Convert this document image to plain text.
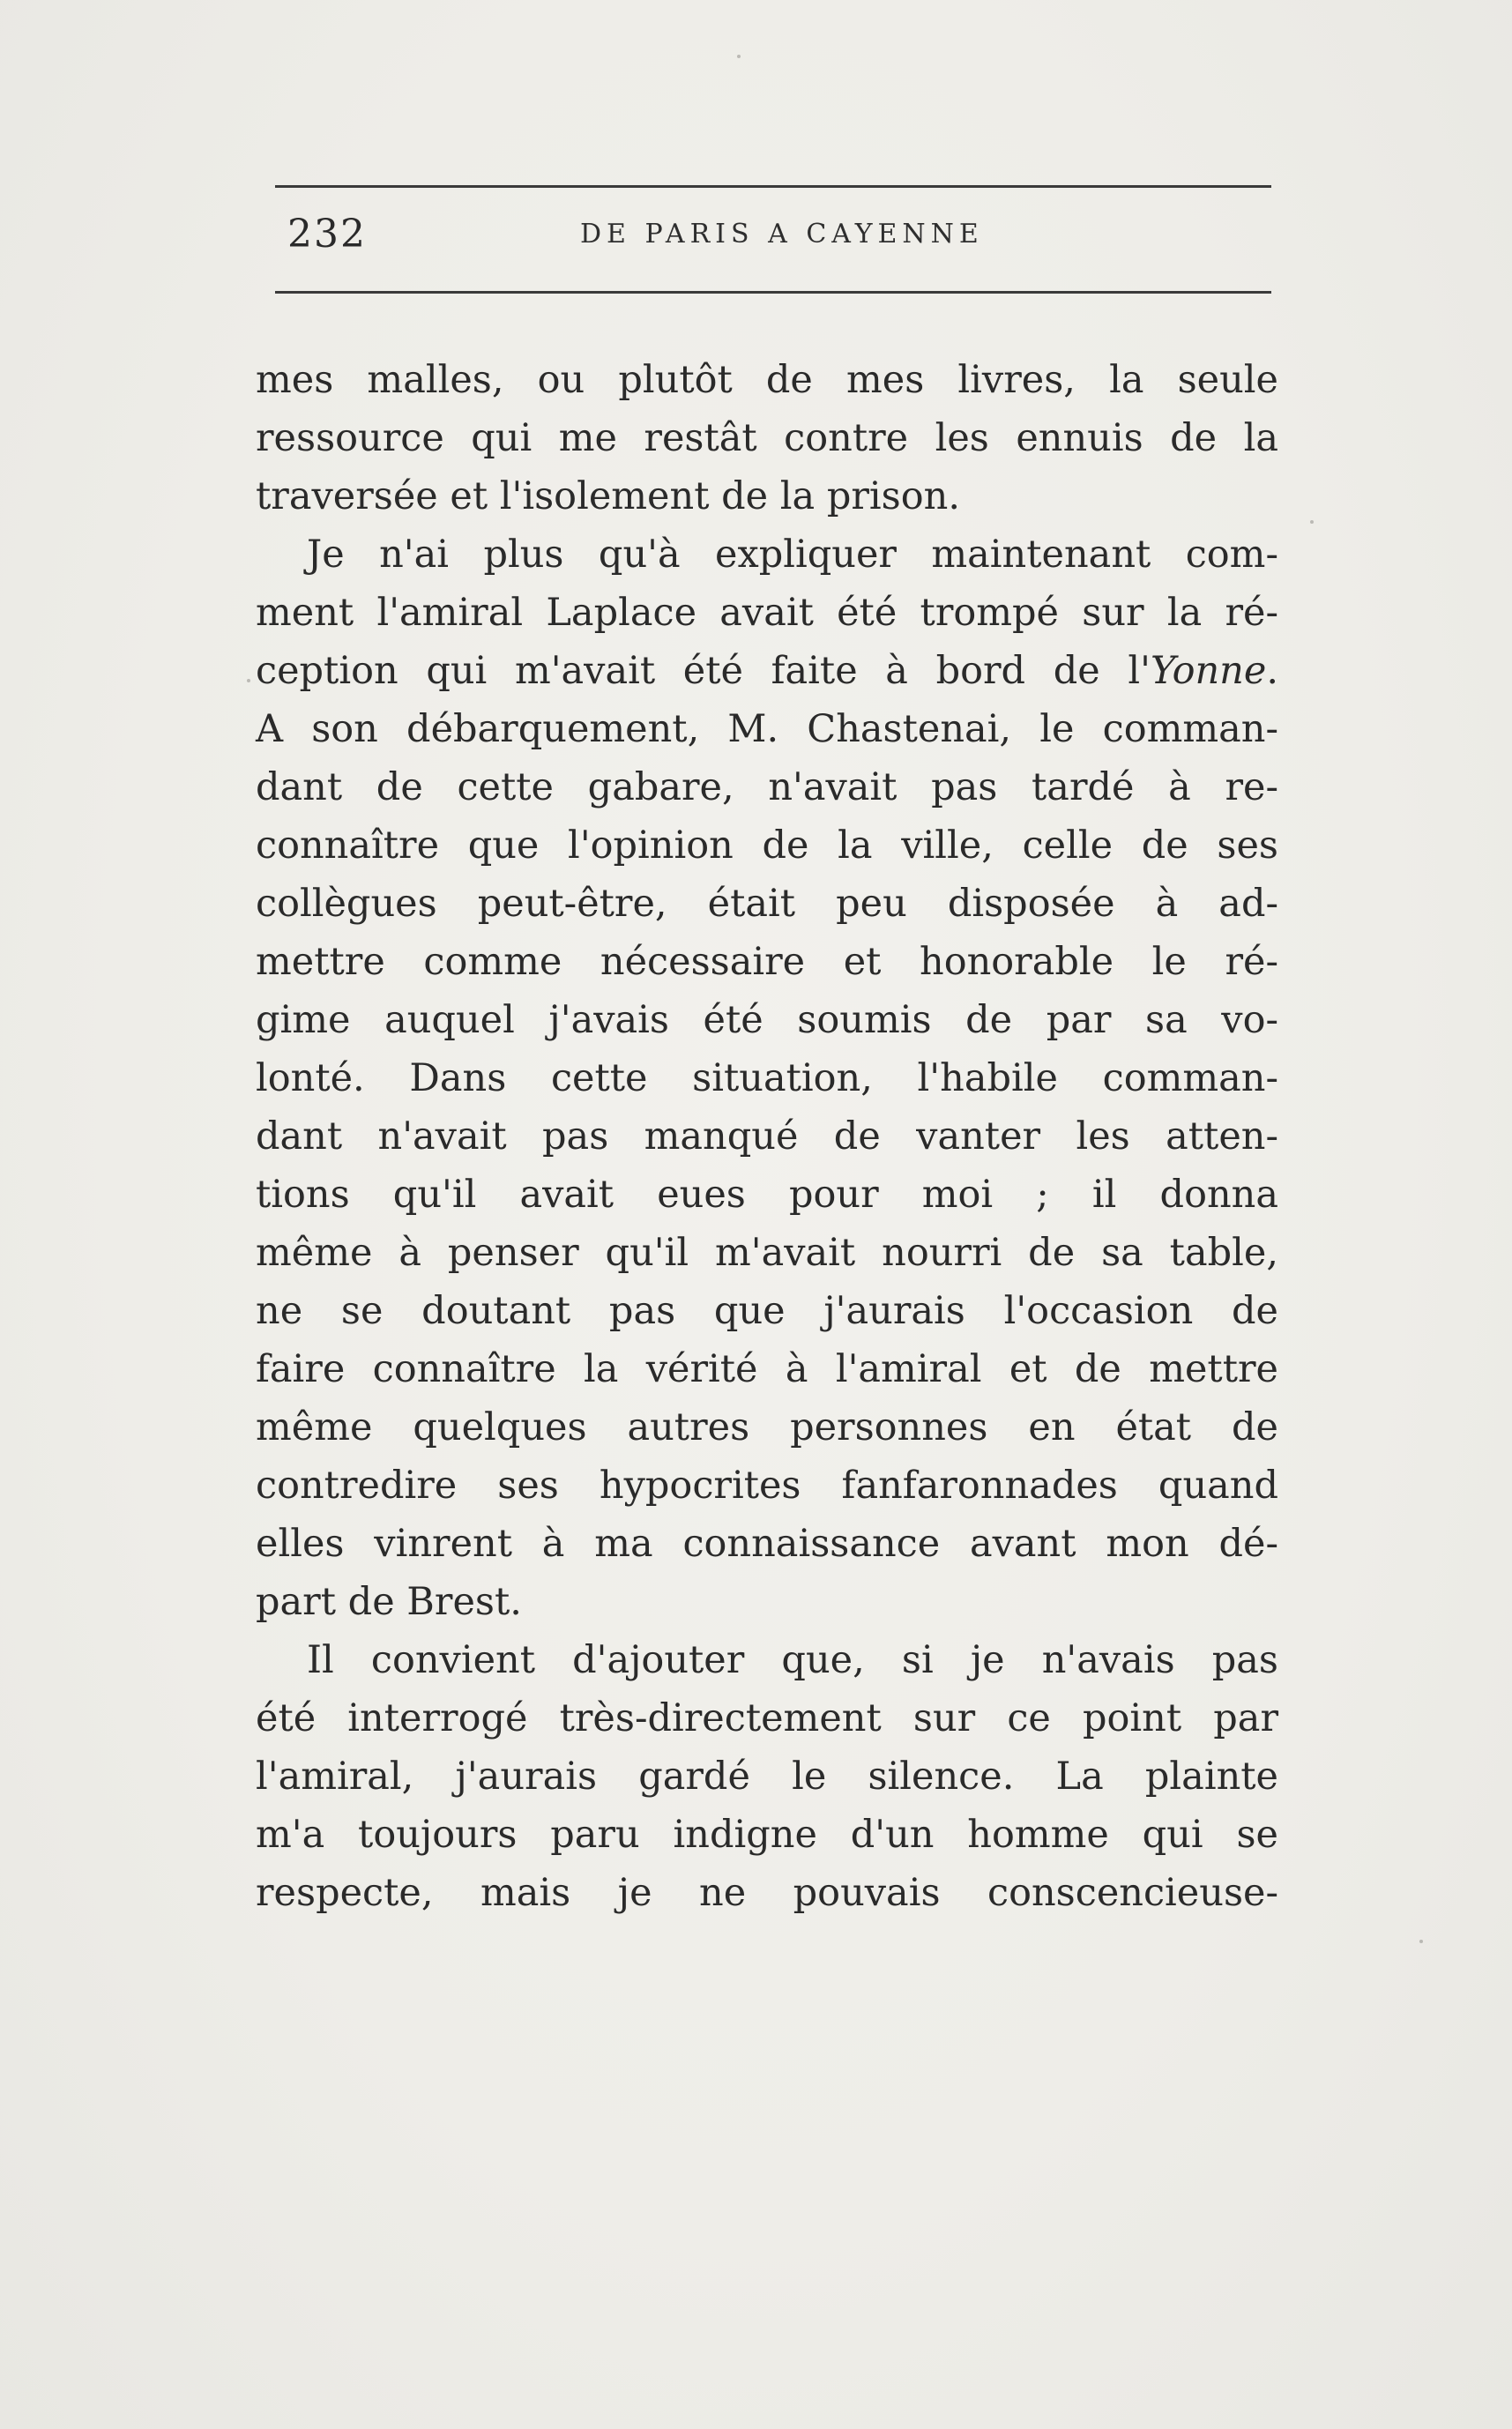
232	DE PARIS A CAYENNE
mes malles, ou plutôt de mes livres, la seule
ressource qui me restât contre les ennuis de la
traversée et l'isolement de la prison.
Je n'ai plus qu'à expliquer maintenant com-
ment l'amiral Laplace avait été trompé sur la ré-
ception qui m'avait été faite à bord de l'Yonne.
A son débarquement, M. Chastenai, le comman-
dant de cette gabare, n'avait pas tardé à re-
connaître que l'opinion de la ville, celle de ses
collègues peut-être, était peu disposée à ad-
mettre comme nécessaire et honorable le ré-
gime auquel j'avais été soumis de par sa vo-
lonté. Dans cette situation, l'habile comman-
dant n'avait pas manqué de vanter les atten-
tions qu'il avait eues pour moi ; il donna
même à penser qu'il m'avait nourri de sa table,
ne se doutant pas que j'aurais l'occasion de
faire connaître la vérité à l'amiral et de mettre
même quelques autres personnes en état de
contredire ses hypocrites fanfaronnades quand
elles vinrent à ma connaissance avant mon dé-
part de Brest.
Il convient d'ajouter que, si je n'avais pas
été interrogé très-directement sur ce point par
l'amiral, j'aurais gardé le silence. La plainte
m'a toujours paru indigne d'un homme qui se
respecte, mais je ne pouvais conscencieuse-
